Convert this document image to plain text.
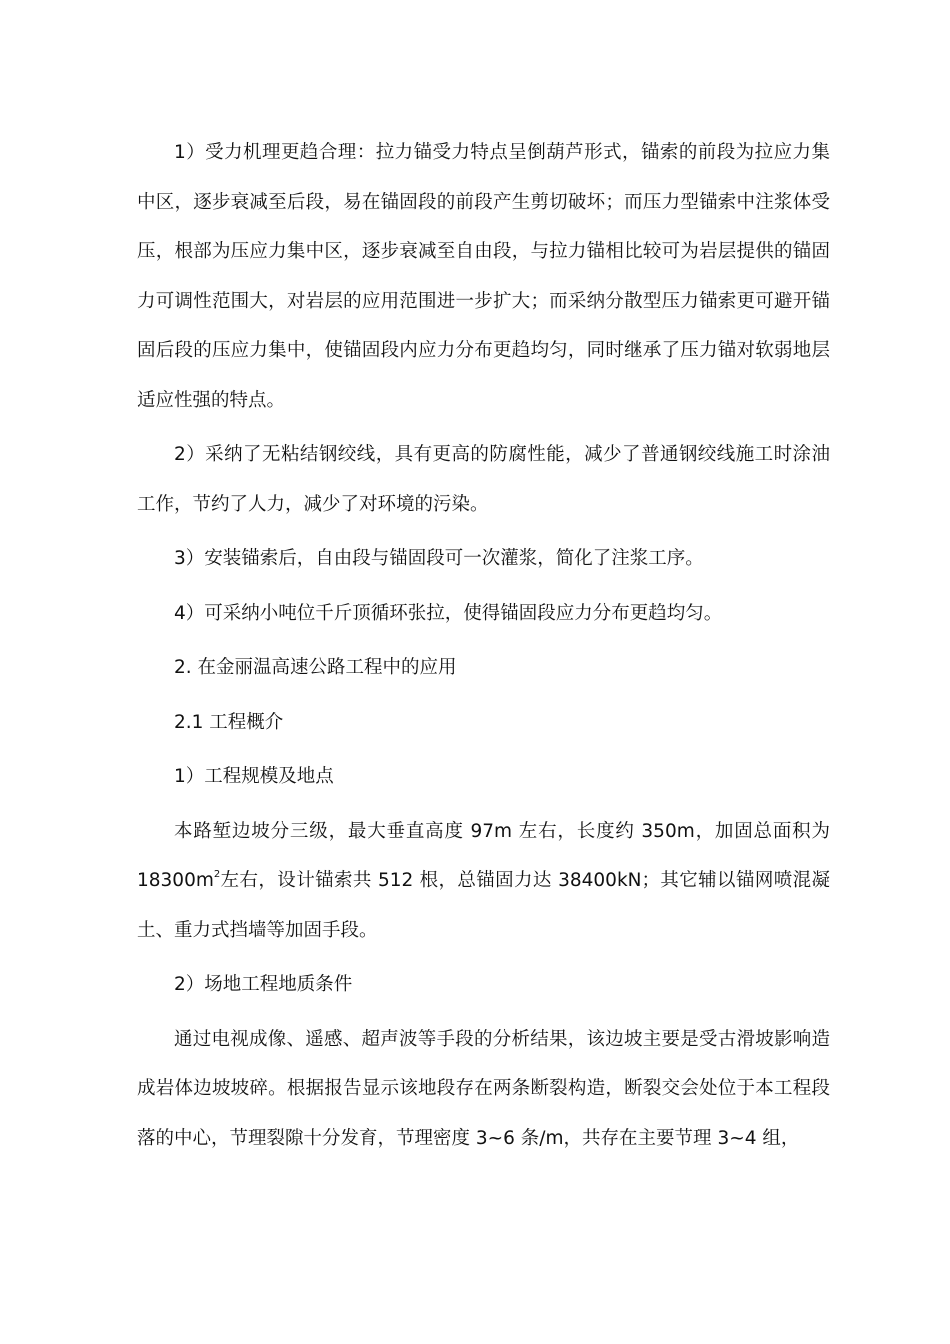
1）受力机理更趋合理：拉力锚受力特点呈倒葫芦形式，锚索的前段为拉应力集中区，逐步衰减至后段，易在锚固段的前段产生剪切破坏；而压力型锚索中注浆体受压，根部为压应力集中区，逐步衰减至自由段，与拉力锚相比较可为岩层提供的锚固力可调性范围大，对岩层的应用范围进一步扩大；而采纳分散型压力锚索更可避开锚固后段的压应力集中，使锚固段内应力分布更趋均匀，同时继承了压力锚对软弱地层适应性强的特点。

2）采纳了无粘结钢绞线，具有更高的防腐性能，减少了普通钢绞线施工时涂油工作，节约了人力，减少了对环境的污染。

3）安装锚索后，自由段与锚固段可一次灌浆，简化了注浆工序。

4）可采纳小吨位千斤顶循环张拉，使得锚固段应力分布更趋均匀。

2. 在金丽温高速公路工程中的应用

2.1 工程概介

1）工程规模及地点

本路堑边坡分三级，最大垂直高度 97m 左右，长度约 350m，加固总面积为 $18300m^2$左右，设计锚索共 512 根，总锚固力达 38400kN；其它辅以锚网喷混凝土、重力式挡墙等加固手段。

2）场地工程地质条件

通过电视成像、遥感、超声波等手段的分析结果，该边坡主要是受古滑坡影响造成岩体边坡坡碎。根据报告显示该地段存在两条断裂构造，断裂交会处位于本工程段落的中心，节理裂隙十分发育，节理密度 3~6 条/m，共存在主要节理 3~4 组，
